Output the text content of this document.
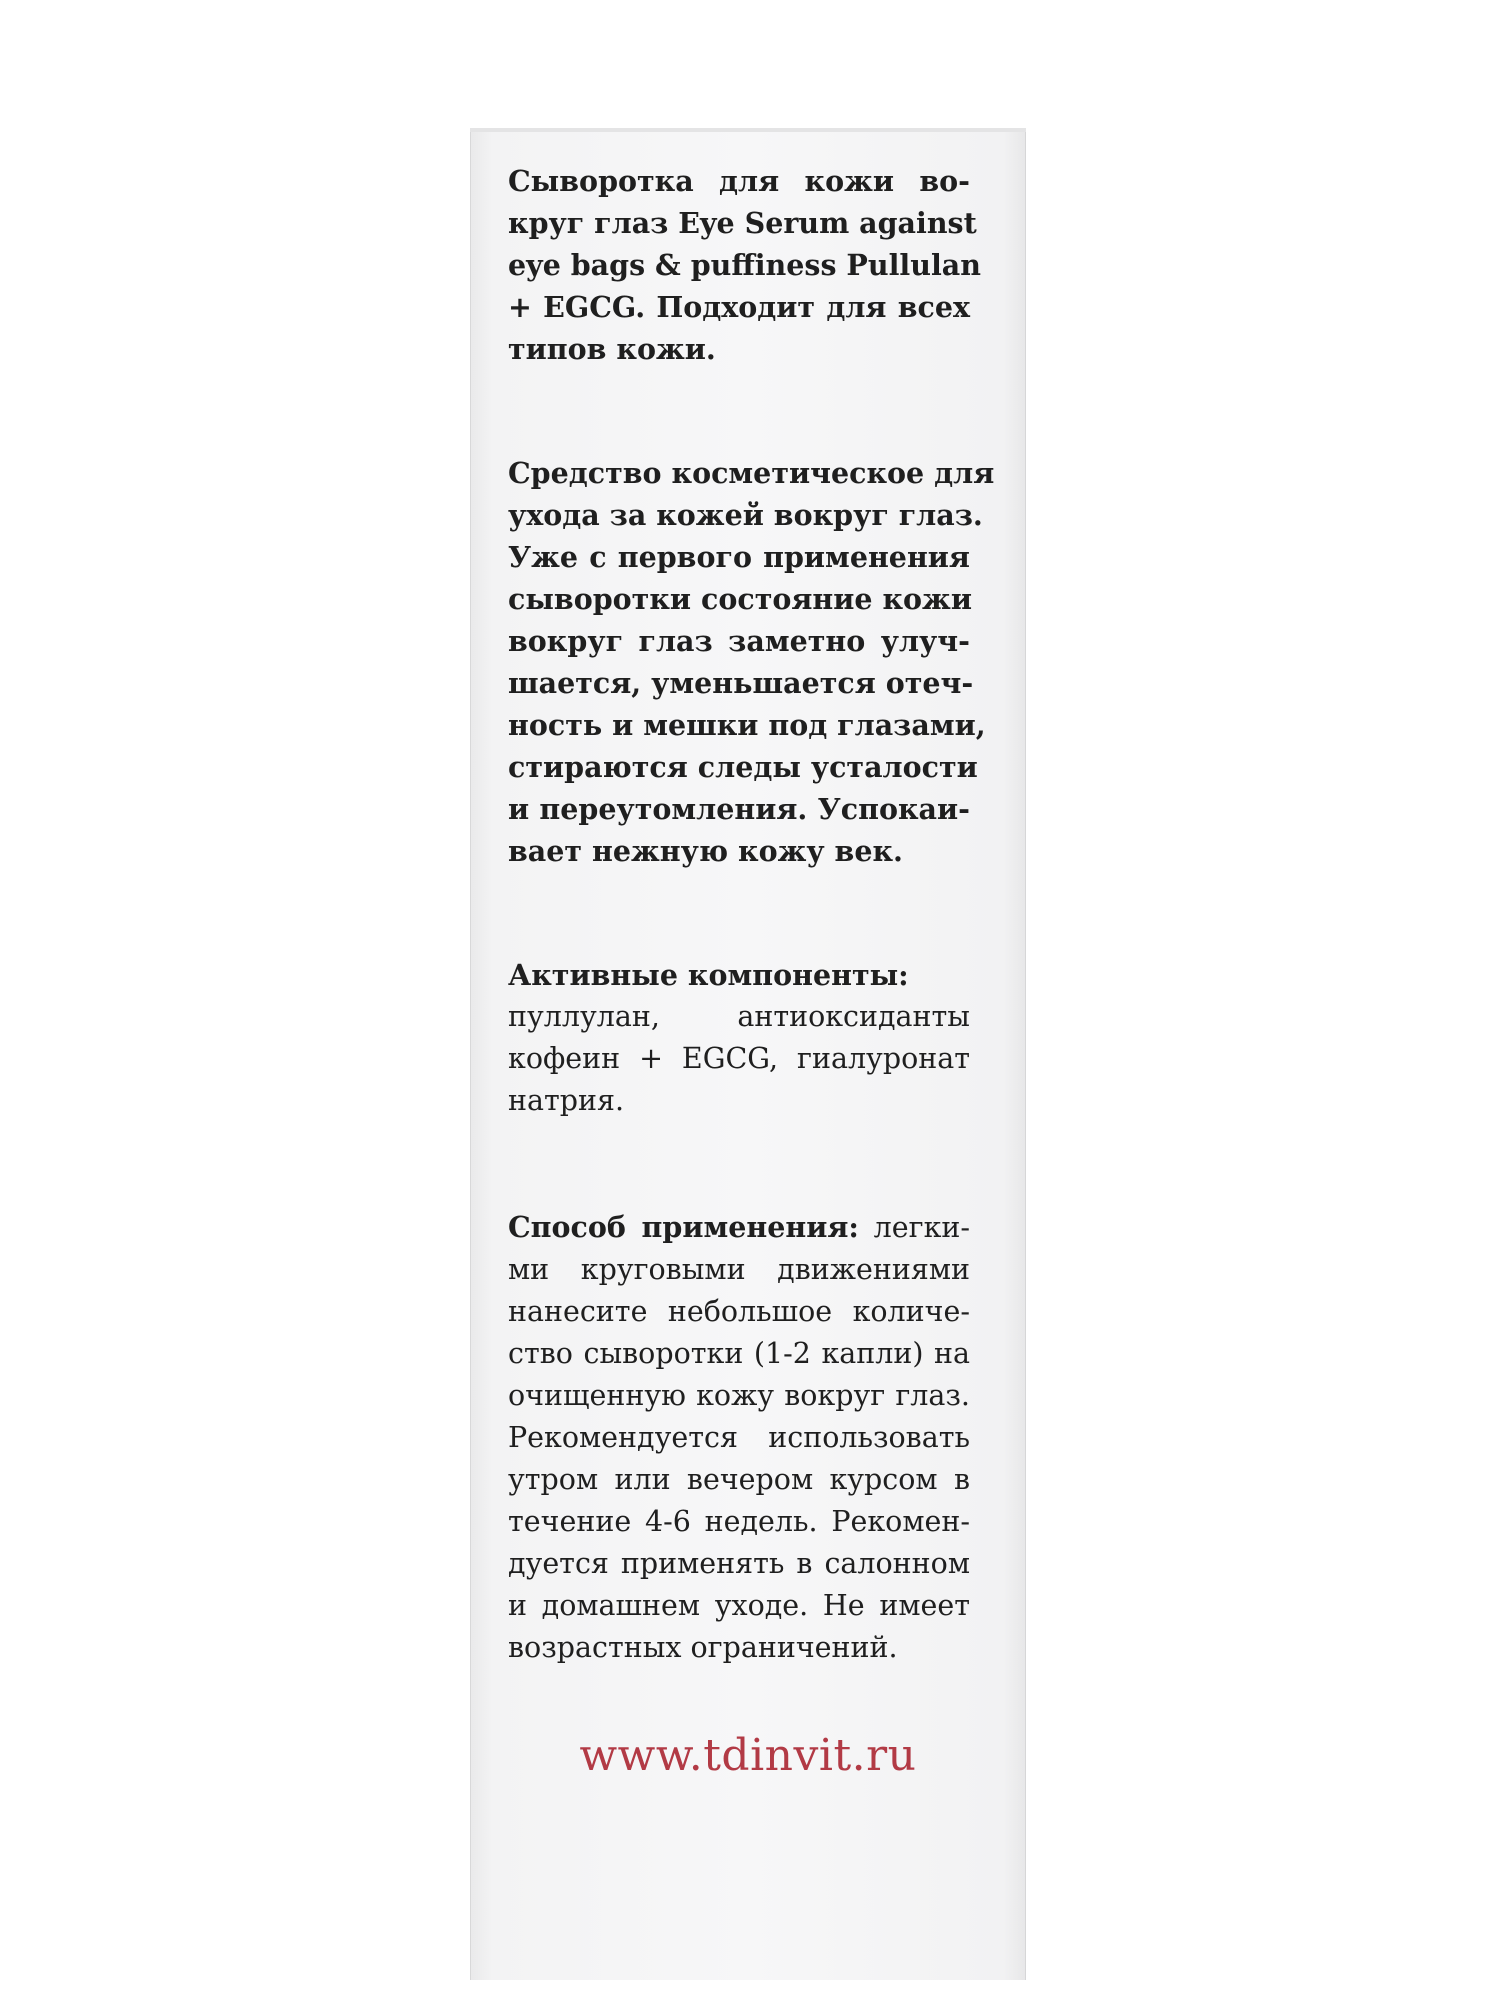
Сыворотка для кожи во-
круг глаз Eye Serum against
eye bags & puffiness Pullulan
+ EGCG. Подходит для всех
типов кожи.
Средство косметическое для
ухода за кожей вокруг глаз.
Уже с первого применения
сыворотки состояние кожи
вокруг глаз заметно улуч-
шается, уменьшается отеч-
ность и мешки под глазами,
стираются следы усталости
и переутомления. Успокаи-
вает нежную кожу век.
Активные компоненты:
пуллулан, антиоксиданты
кофеин + EGCG, гиалуронат
натрия.
Способ применения: легки-
ми круговыми движениями
нанесите небольшое количе-
ство сыворотки (1-2 капли) на
очищенную кожу вокруг глаз.
Рекомендуется использовать
утром или вечером курсом в
течение 4-6 недель. Рекомен-
дуется применять в салонном
и домашнем уходе. Не имеет
возрастных ограничений.
www.tdinvit.ru
